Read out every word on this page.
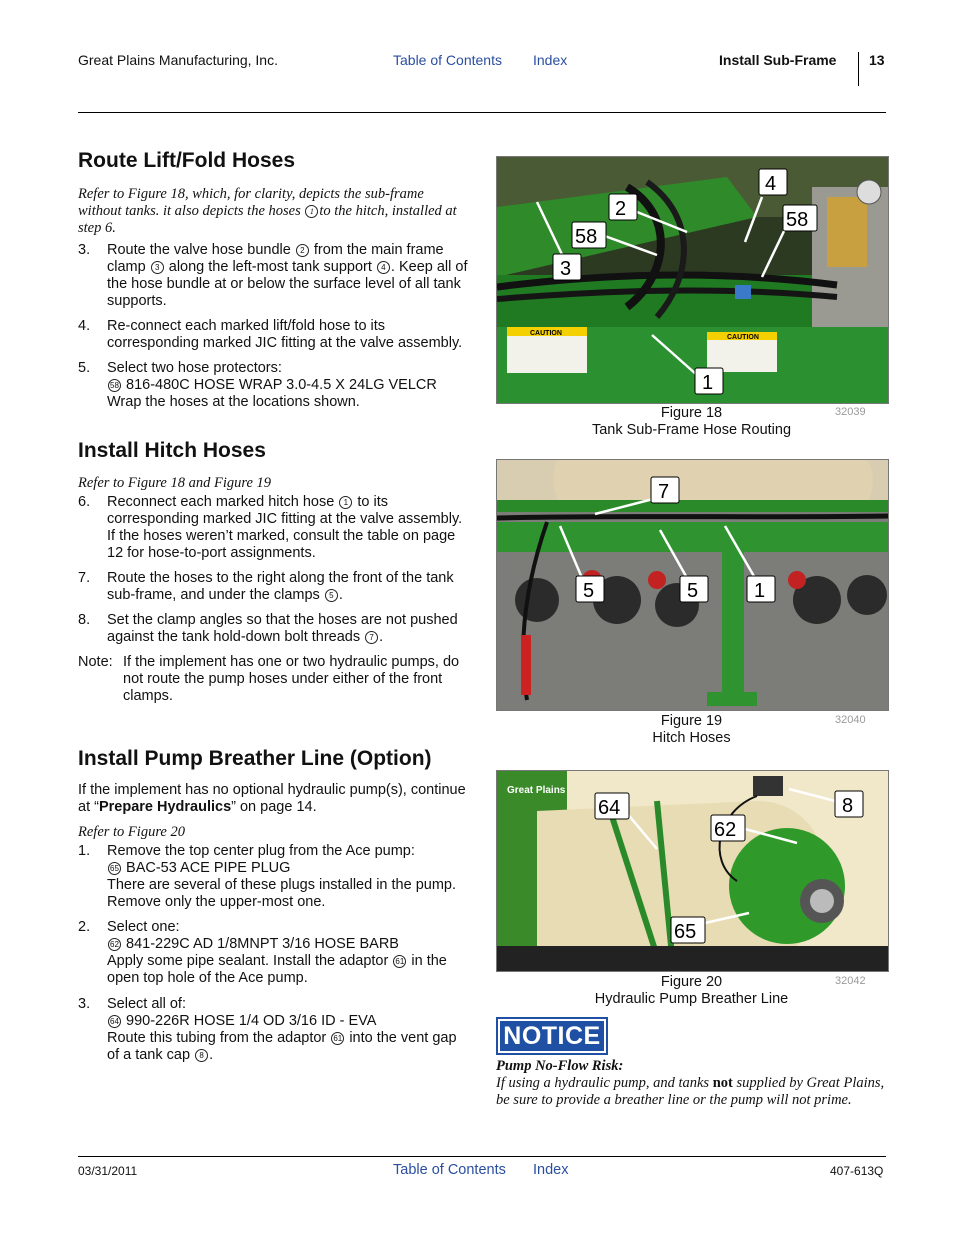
Great Plains Manufacturing, Inc.	Table of Contents Index	Install Sub-Frame 13
Route Lift/Fold Hoses
Refer to Figure 18, which, for clarity, depicts the sub-frame without tanks. it also depicts the hoses 1 to the hitch, installed at step 6.
3.	Route the valve hose bundle 2 from the main frame clamp 3 along the left-most tank support 4 . Keep all of the hose bundle at or below the surface level of all tank supports.
4.	Re-connect each marked lift/fold hose to its corresponding marked JIC fitting at the valve assembly.
5.	Select two hose protectors:
58 816-480C HOSE WRAP 3.0-4.5 X 24LG VELCR
Wrap the hoses at the locations shown.
Install Hitch Hoses
Refer to Figure 18 and Figure 19
6.	Reconnect each marked hitch hose 1 to its corresponding marked JIC fitting at the valve assembly. If the hoses weren’t marked, consult the table on page 12 for hose-to-port assignments.
7.	Route the hoses to the right along the front of the tank sub-frame, and under the clamps 5 .
8.	Set the clamp angles so that the hoses are not pushed against the tank hold-down bolt threads 7 .
Note: If the implement has one or two hydraulic pumps, do not route the pump hoses under either of the front clamps.
Install Pump Breather Line (Option)
If the implement has no optional hydraulic pump(s), continue at “Prepare Hydraulics” on page 14.
Refer to Figure 20
1.	Remove the top center plug from the Ace pump:
65 BAC-53 ACE PIPE PLUG
There are several of these plugs installed in the pump. Remove only the upper-most one.
2.	Select one:
62 841-229C AD 1/8MNPT 3/16 HOSE BARB
Apply some pipe sealant. Install the adaptor 61 in the open top hole of the Ace pump.
3.	Select all of:
64 990-226R HOSE 1/4 OD 3/16 ID - EVA
Route this tubing from the adaptor 61 into the vent gap of a tank cap 8 .
CAUTION
CAUTION
4
2	58
58
3
1
Figure 18
Tank Sub-Frame Hose Routing
32039
7
5	5	1
Figure 19
Hitch Hoses
32040
Great Plains
64	8
62
65
Figure 20
Hydraulic Pump Breather Line
32042
NOTICE
Pump No-Flow Risk:
If using a hydraulic pump, and tanks not supplied by Great Plains, be sure to provide a breather line or the pump will not prime.
03/31/2011	Table of Contents Index	407-613Q
